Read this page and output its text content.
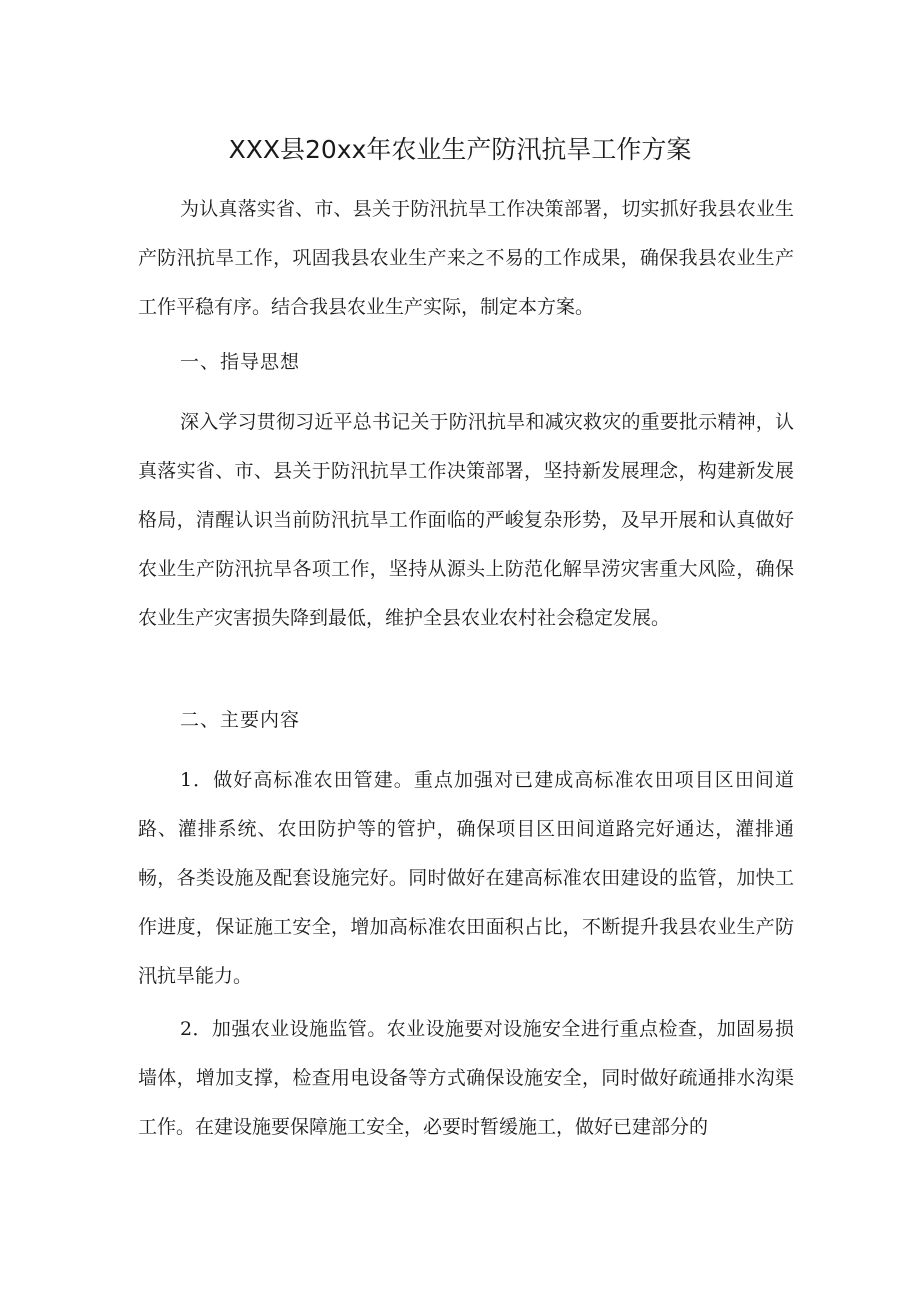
XXX县20xx年农业生产防汛抗旱工作方案

为认真落实省、市、县关于防汛抗旱工作决策部署，切实抓好我县农业生产防汛抗旱工作，巩固我县农业生产来之不易的工作成果，确保我县农业生产工作平稳有序。结合我县农业生产实际，制定本方案。

一、指导思想

深入学习贯彻习近平总书记关于防汛抗旱和减灾救灾的重要批示精神，认真落实省、市、县关于防汛抗旱工作决策部署，坚持新发展理念，构建新发展格局，清醒认识当前防汛抗旱工作面临的严峻复杂形势，及早开展和认真做好农业生产防汛抗旱各项工作，坚持从源头上防范化解旱涝灾害重大风险，确保农业生产灾害损失降到最低，维护全县农业农村社会稳定发展。

二、主要内容

1．做好高标准农田管建。重点加强对已建成高标准农田项目区田间道路、灌排系统、农田防护等的管护，确保项目区田间道路完好通达，灌排通畅，各类设施及配套设施完好。同时做好在建高标准农田建设的监管，加快工作进度，保证施工安全，增加高标准农田面积占比，不断提升我县农业生产防汛抗旱能力。

2．加强农业设施监管。农业设施要对设施安全进行重点检查，加固易损墙体，增加支撑，检查用电设备等方式确保设施安全，同时做好疏通排水沟渠工作。在建设施要保障施工安全，必要时暂缓施工，做好已建部分的
